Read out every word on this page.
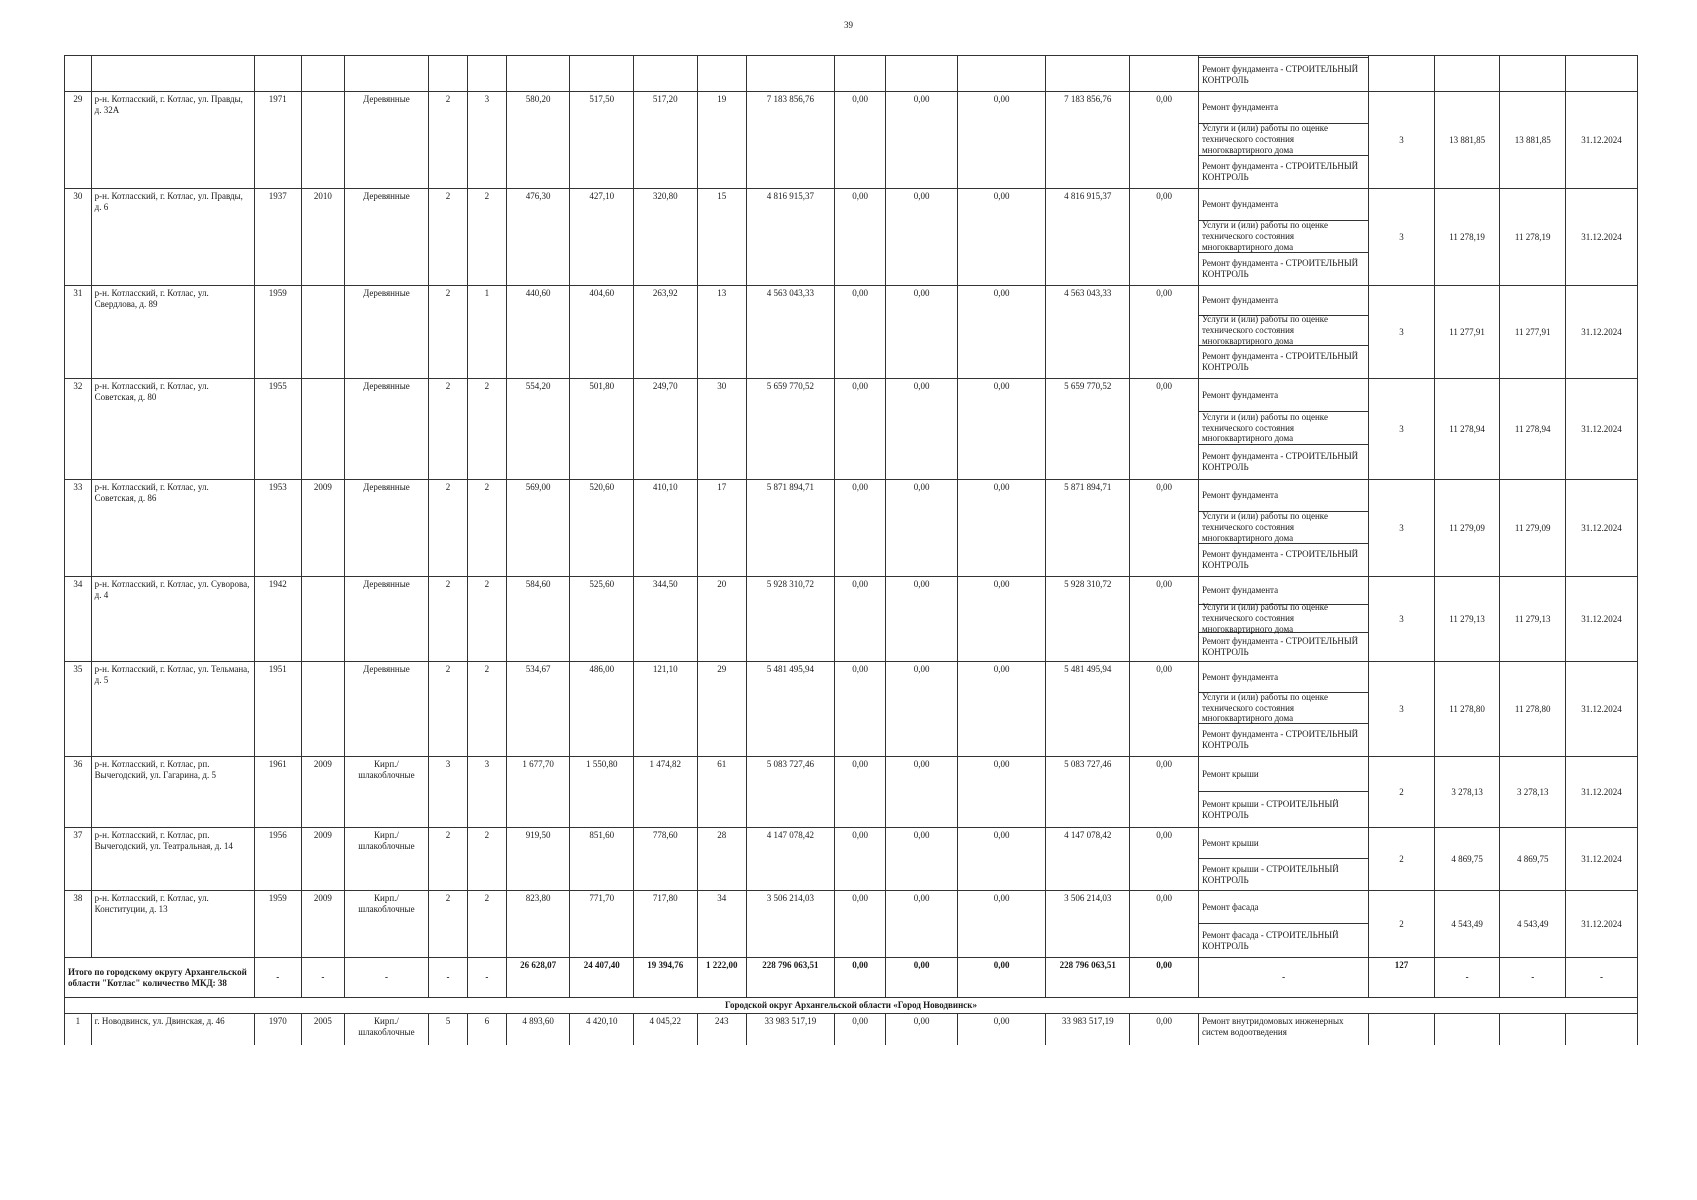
39

Ремонт фундамента - СТРОИТЕЛЬНЫЙ КОНТРОЛЬ				

29	р-н. Котласский, г. Котлас, ул. Правды, д. 32А	1971		Деревянные	2	3	580,20	517,50	517,20	19	7 183 856,76	0,00	0,00	0,00	7 183 856,76	0,00	Ремонт фундамента
Услуги и (или) работы по оценке технического состояния многоквартирного дома
Ремонт фундамента - СТРОИТЕЛЬНЫЙ КОНТРОЛЬ	3	13 881,85	13 881,85	31.12.2024
30	р-н. Котласский, г. Котлас, ул. Правды, д. 6	1937	2010	Деревянные	2	2	476,30	427,10	320,80	15	4 816 915,37	0,00	0,00	0,00	4 816 915,37	0,00	Ремонт фундамента
Услуги и (или) работы по оценке технического состояния многоквартирного дома
Ремонт фундамента - СТРОИТЕЛЬНЫЙ КОНТРОЛЬ	3	11 278,19	11 278,19	31.12.2024
31	р-н. Котласский, г. Котлас, ул. Свердлова, д. 89	1959		Деревянные	2	1	440,60	404,60	263,92	13	4 563 043,33	0,00	0,00	0,00	4 563 043,33	0,00	Ремонт фундамента
Услуги и (или) работы по оценке технического состояния многоквартирного дома
Ремонт фундамента - СТРОИТЕЛЬНЫЙ КОНТРОЛЬ	3	11 277,91	11 277,91	31.12.2024
32	р-н. Котласский, г. Котлас, ул. Советская, д. 80	1955		Деревянные	2	2	554,20	501,80	249,70	30	5 659 770,52	0,00	0,00	0,00	5 659 770,52	0,00	Ремонт фундамента
Услуги и (или) работы по оценке технического состояния многоквартирного дома
Ремонт фундамента - СТРОИТЕЛЬНЫЙ КОНТРОЛЬ	3	11 278,94	11 278,94	31.12.2024
33	р-н. Котласский, г. Котлас, ул. Советская, д. 86	1953	2009	Деревянные	2	2	569,00	520,60	410,10	17	5 871 894,71	0,00	0,00	0,00	5 871 894,71	0,00	Ремонт фундамента
Услуги и (или) работы по оценке технического состояния многоквартирного дома
Ремонт фундамента - СТРОИТЕЛЬНЫЙ КОНТРОЛЬ	3	11 279,09	11 279,09	31.12.2024
34	р-н. Котласский, г. Котлас, ул. Суворова, д. 4	1942		Деревянные	2	2	584,60	525,60	344,50	20	5 928 310,72	0,00	0,00	0,00	5 928 310,72	0,00	Ремонт фундамента
Услуги и (или) работы по оценке технического состояния многоквартирного дома
Ремонт фундамента - СТРОИТЕЛЬНЫЙ КОНТРОЛЬ	3	11 279,13	11 279,13	31.12.2024
35	р-н. Котласский, г. Котлас, ул. Тельмана, д. 5	1951		Деревянные	2	2	534,67	486,00	121,10	29	5 481 495,94	0,00	0,00	0,00	5 481 495,94	0,00	Ремонт фундамента
Услуги и (или) работы по оценке технического состояния многоквартирного дома
Ремонт фундамента - СТРОИТЕЛЬНЫЙ КОНТРОЛЬ	3	11 278,80	11 278,80	31.12.2024
36	р-н. Котласский, г. Котлас, рп. Вычегодский, ул. Гагарина, д. 5	1961	2009	Кирп./ шлакоблочные	3	3	1 677,70	1 550,80	1 474,82	61	5 083 727,46	0,00	0,00	0,00	5 083 727,46	0,00	Ремонт крыши
Ремонт крыши - СТРОИТЕЛЬНЫЙ КОНТРОЛЬ	2	3 278,13	3 278,13	31.12.2024
37	р-н. Котласский, г. Котлас, рп. Вычегодский, ул. Театральная, д. 14	1956	2009	Кирп./ шлакоблочные	2	2	919,50	851,60	778,60	28	4 147 078,42	0,00	0,00	0,00	4 147 078,42	0,00	Ремонт крыши
Ремонт крыши - СТРОИТЕЛЬНЫЙ КОНТРОЛЬ	2	4 869,75	4 869,75	31.12.2024
38	р-н. Котласский, г. Котлас, ул. Конституции, д. 13	1959	2009	Кирп./ шлакоблочные	2	2	823,80	771,70	717,80	34	3 506 214,03	0,00	0,00	0,00	3 506 214,03	0,00	Ремонт фасада
Ремонт фасада - СТРОИТЕЛЬНЫЙ КОНТРОЛЬ	2	4 543,49	4 543,49	31.12.2024
Итого по городскому округу Архангельской области "Котлас" количество МКД: 38		-	-	-	-	-	26 628,07	24 407,40	19 394,76	1 222,00	228 796 063,51	0,00	0,00	0,00	228 796 063,51	0,00	-	127	-	-	-
Городской округ Архангельской области «Город Новодвинск»																					
1	г. Новодвинск, ул. Двинская, д. 46	1970	2005	Кирп./ шлакоблочные	5	6	4 893,60	4 420,10	4 045,22	243	33 983 517,19	0,00	0,00	0,00	33 983 517,19	0,00	Ремонт внутридомовых инженерных систем водоотведения				
